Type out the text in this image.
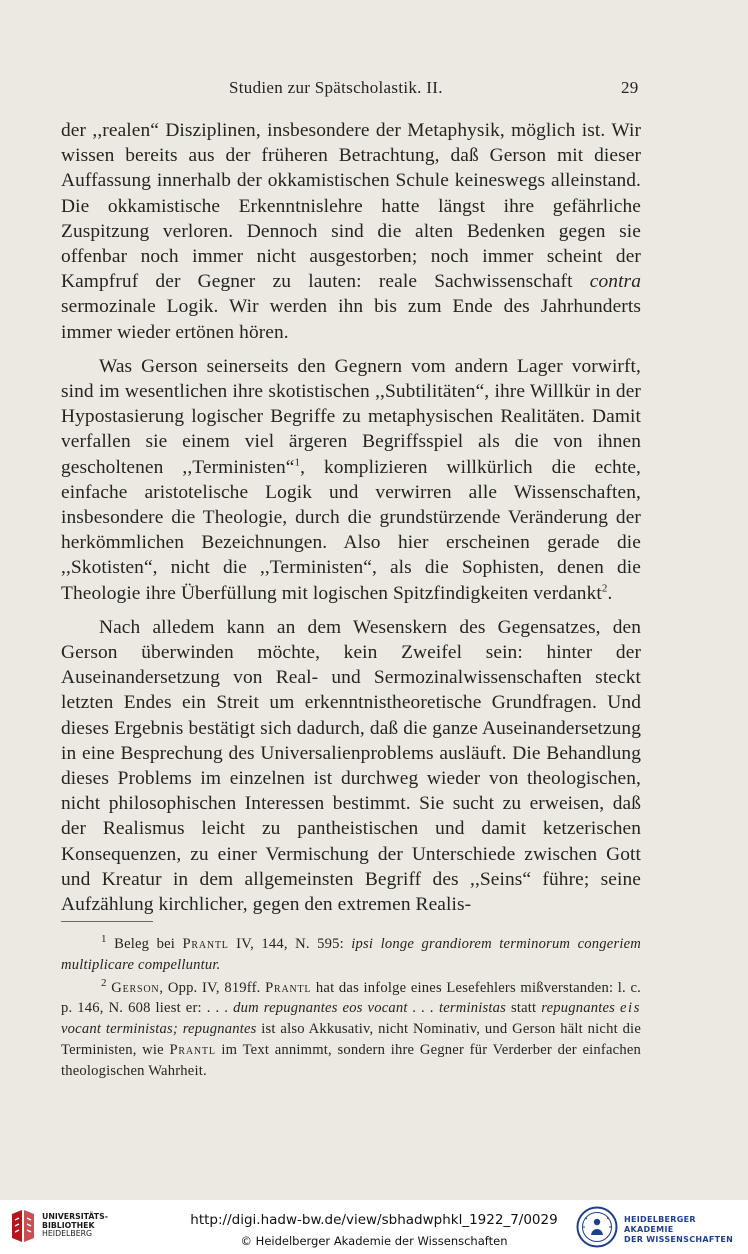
Studien zur Spätscholastik. II.	29

der ,,realen“ Disziplinen, insbesondere der Metaphysik, möglich ist. Wir wissen bereits aus der früheren Betrachtung, daß Gerson mit dieser Auffassung innerhalb der okkamistischen Schule keineswegs alleinstand. Die okkamistische Erkenntnislehre hatte längst ihre gefährliche Zuspitzung verloren. Dennoch sind die alten Bedenken gegen sie offenbar noch immer nicht ausgestorben; noch immer scheint der Kampfruf der Gegner zu lauten: reale Sachwissenschaft contra sermozinale Logik. Wir werden ihn bis zum Ende des Jahrhunderts immer wieder ertönen hören.

Was Gerson seinerseits den Gegnern vom andern Lager vorwirft, sind im wesentlichen ihre skotistischen ,,Subtilitäten“, ihre Willkür in der Hypostasierung logischer Begriffe zu metaphysischen Realitäten. Damit verfallen sie einem viel ärgeren Begriffsspiel als die von ihnen gescholtenen ,,Terministen“$^1$, komplizieren willkürlich die echte, einfache aristotelische Logik und verwirren alle Wissenschaften, insbesondere die Theologie, durch die grundstürzende Veränderung der herkömmlichen Bezeichnungen. Also hier erscheinen gerade die ,,Skotisten“, nicht die ,,Terministen“, als die Sophisten, denen die Theologie ihre Überfüllung mit logischen Spitzfindigkeiten verdankt$^2$.

Nach alledem kann an dem Wesenskern des Gegensatzes, den Gerson überwinden möchte, kein Zweifel sein: hinter der Auseinandersetzung von Real- und Sermozinalwissenschaften steckt letzten Endes ein Streit um erkenntnistheoretische Grundfragen. Und dieses Ergebnis bestätigt sich dadurch, daß die ganze Auseinandersetzung in eine Besprechung des Universalienproblems ausläuft. Die Behandlung dieses Problems im einzelnen ist durchweg wieder von theologischen, nicht philosophischen Interessen bestimmt. Sie sucht zu erweisen, daß der Realismus leicht zu pantheistischen und damit ketzerischen Konsequenzen, zu einer Vermischung der Unterschiede zwischen Gott und Kreatur in dem allgemeinsten Begriff des ,,Seins“ führe; seine Aufzählung kirchlicher, gegen den extremen Realis-

$^1$ Beleg bei Prantl IV, 144, N. 595: ipsi longe grandiorem terminorum congeriem multiplicare compelluntur.

$^2$ Gerson, Opp. IV, 819ff. Prantl hat das infolge eines Lesefehlers mißverstanden: l. c. p. 146, N. 608 liest er: . . . dum repugnantes eos vocant . . . terministas statt repugnantes eis vocant terministas; repugnantes ist also Akkusativ, nicht Nominativ, und Gerson hält nicht die Terministen, wie Prantl im Text annimmt, sondern ihre Gegner für Verderber der einfachen theologischen Wahrheit.

UNIVERSITÄTS-
BIBLIOTHEK
HEIDELBERG
http://digi.hadw-bw.de/view/sbhadwphkl_1922_7/0029
© Heidelberger Akademie der Wissenschaften
HEIDELBERGER AKADEMIE
DER WISSENSCHAFTEN
